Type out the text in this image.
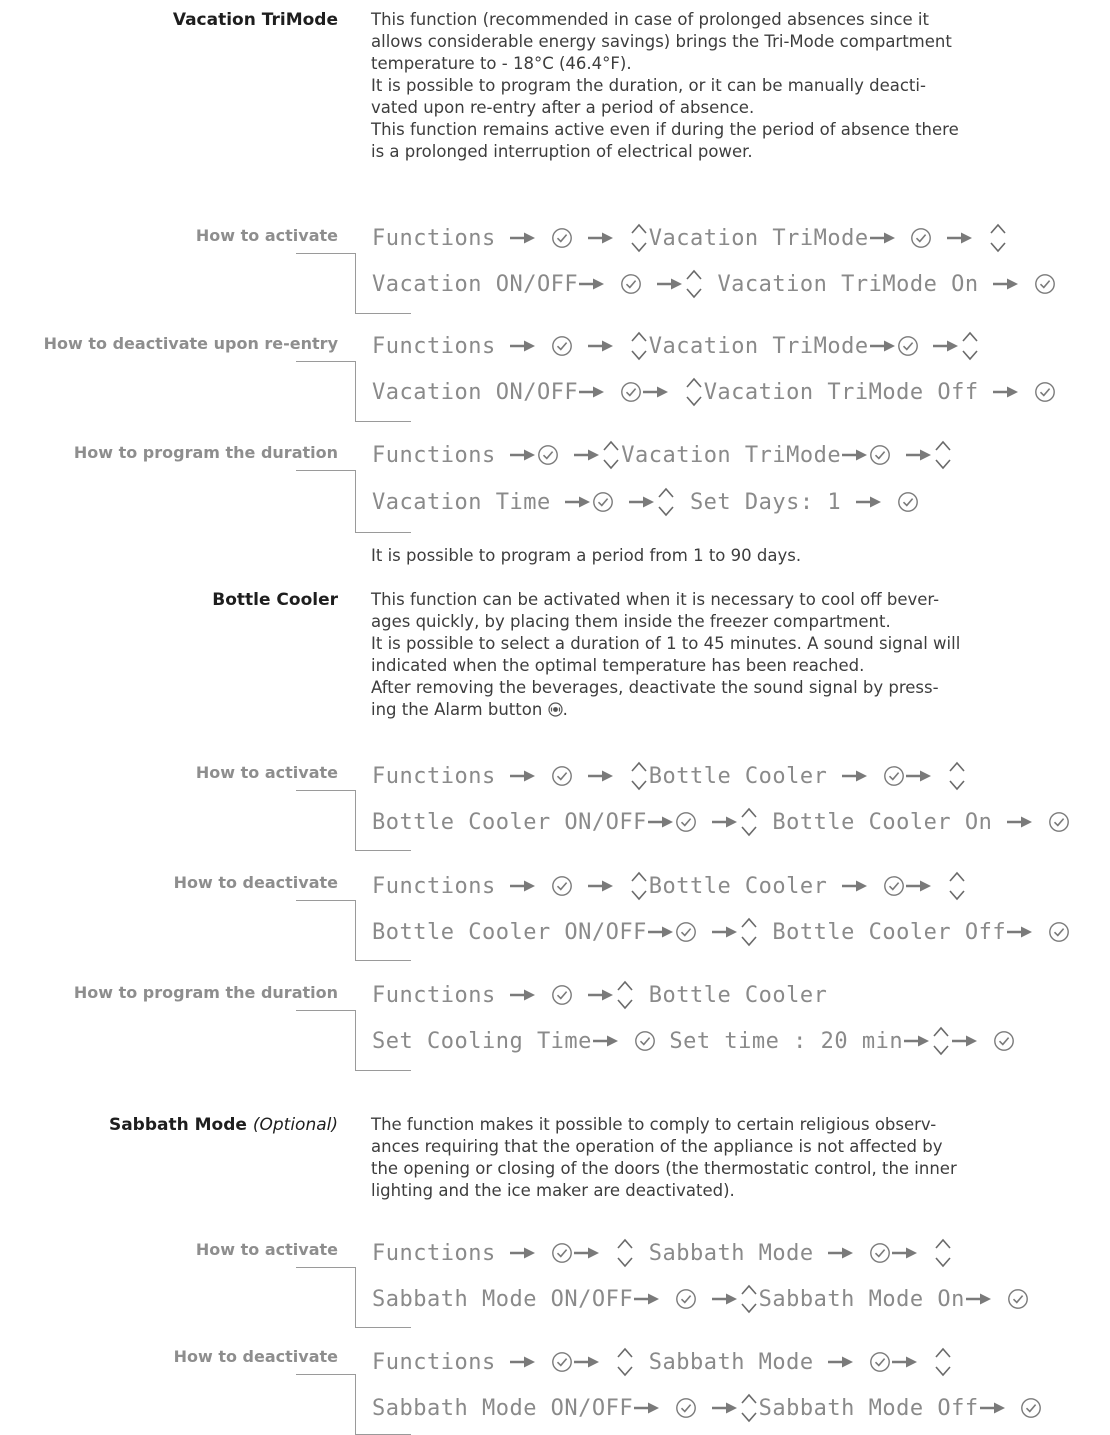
Vacation TriMode This function (recommended in case of prolonged absences since it
allows considerable energy savings) brings the Tri-Mode compartment
temperature to - 18°C (46.4°F).
It is possible to program the duration, or it can be manually deacti-
vated upon re-entry after a period of absence.
This function remains active even if during the period of absence there
is a prolonged interruption of electrical power.
How to activate Functions

	Vacation TriMode

Vacation ON/OFF

	Vacation TriMode On

How to deactivate upon re-entry Functions

	Vacation TriMode

Vacation ON/OFF

	Vacation TriMode Off

How to program the duration Functions
	Vacation TriMode

Vacation Time
	Set Days: 1

It is possible to program a period from 1 to 90 days.
Bottle Cooler This function can be activated when it is necessary to cool off bever-
ages quickly, by placing them inside the freezer compartment.
It is possible to select a duration of 1 to 45 minutes. A sound signal will
indicated when the optimal temperature has been reached.
After removing the beverages, deactivate the sound signal by press-
ing the Alarm button .
How to activate Functions

	Bottle Cooler

Bottle Cooler ON/OFF
	Bottle Cooler On

How to deactivate Functions

	Bottle Cooler

Bottle Cooler ON/OFF
	Bottle Cooler Off

How to program the duration Functions

	Bottle Cooler
Set Cooling Time
	Set time : 20 min

Sabbath Mode (Optional) The function makes it possible to comply to certain religious observ-
ances requiring that the operation of the appliance is not affected by
the opening or closing of the doors (the thermostatic control, the inner
lighting and the ice maker are deactivated).
How to activate Functions

	Sabbath Mode

Sabbath Mode ON/OFF

	Sabbath Mode On

How to deactivate Functions

	Sabbath Mode

Sabbath Mode ON/OFF

	Sabbath Mode Off
